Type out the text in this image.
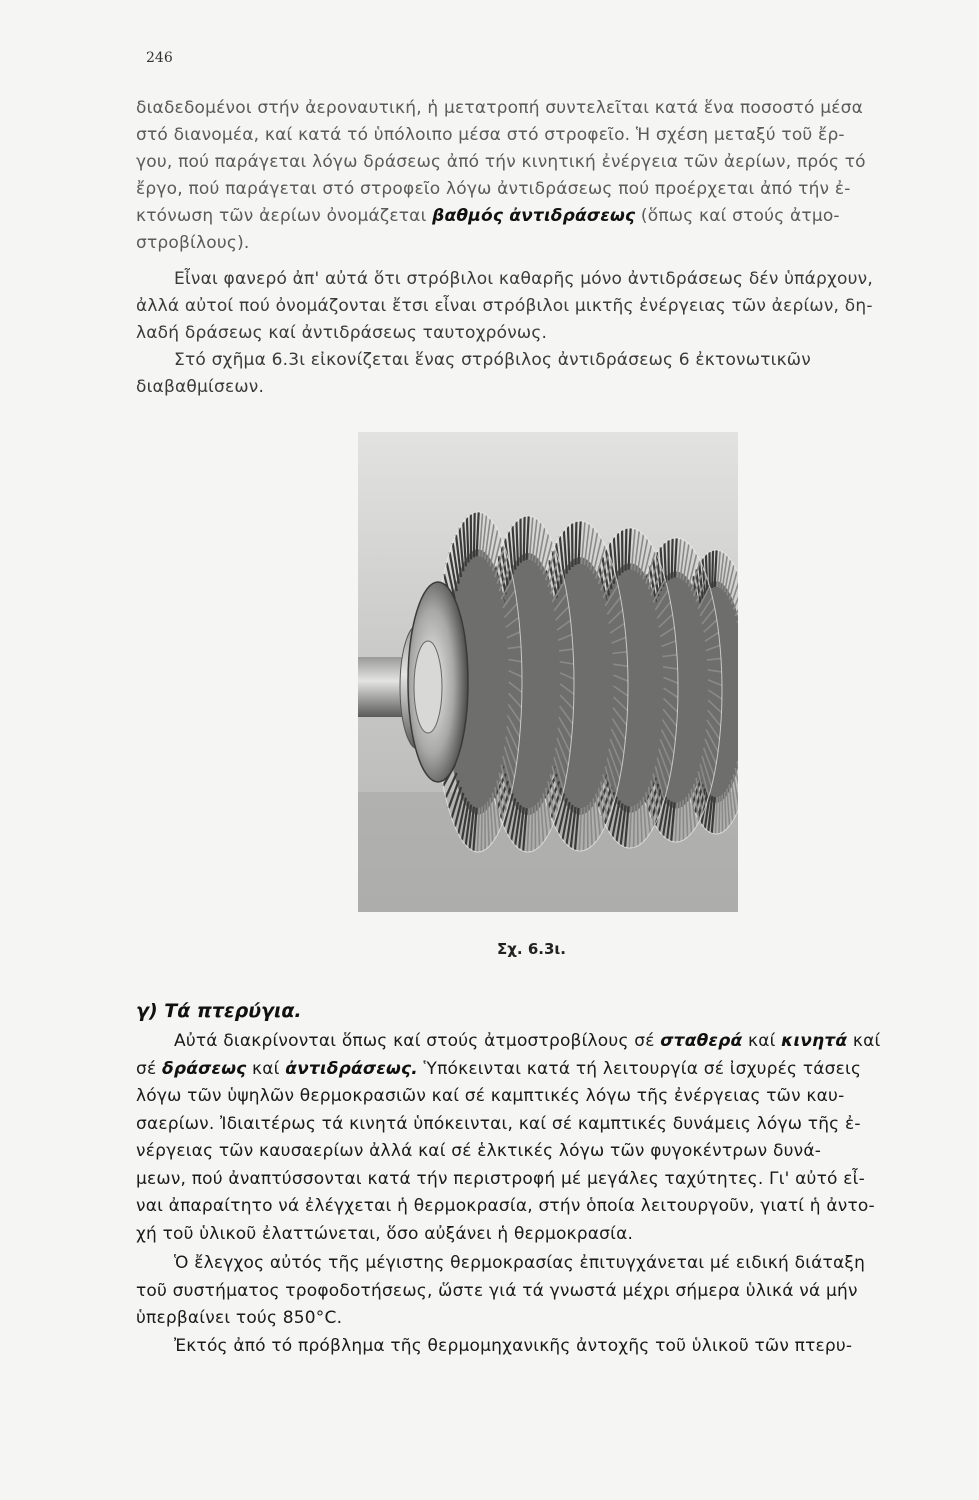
246
διαδεδομένοι στήν ἀεροναυτική, ἡ μετατροπή συντελεῖται κατά ἕνα ποσοστό μέσα
στό διανομέα, καί κατά τό ὑπόλοιπο μέσα στό στροφεῖο. Ἡ σχέση μεταξύ τοῦ ἔρ-
γου, πού παράγεται λόγω δράσεως ἀπό τήν κινητική ἐνέργεια τῶν ἀερίων, πρός τό
ἔργο, πού παράγεται στό στροφεῖο λόγω ἀντιδράσεως πού προέρχεται ἀπό τήν ἐ-
κτόνωση τῶν ἀερίων ὀνομάζεται βαθμός ἀντιδράσεως (ὅπως καί στούς ἀτμο-
στροβίλους).
Εἶναι φανερό ἀπ' αὐτά ὅτι στρόβιλοι καθαρῆς μόνο ἀντιδράσεως δέν ὑπάρχουν,
ἀλλά αὐτοί πού ὀνομάζονται ἔτσι εἶναι στρόβιλοι μικτῆς ἐνέργειας τῶν ἀερίων, δη-
λαδή δράσεως καί ἀντιδράσεως ταυτοχρόνως.
Στό σχῆμα 6.3ι εἰκονίζεται ἕνας στρόβιλος ἀντιδράσεως 6 ἐκτονωτικῶν
διαβαθμίσεων.
Σχ. 6.3ι.
γ) Τά πτερύγια.
Αὐτά διακρίνονται ὅπως καί στούς ἀτμοστροβίλους σέ σταθερά καί κινητά καί
σέ δράσεως καί ἀντιδράσεως. Ὑπόκεινται κατά τή λειτουργία σέ ἰσχυρές τάσεις
λόγω τῶν ὑψηλῶν θερμοκρασιῶν καί σέ καμπτικές λόγω τῆς ἐνέργειας τῶν καυ-
σαερίων. Ἰδιαιτέρως τά κινητά ὑπόκεινται, καί σέ καμπτικές δυνάμεις λόγω τῆς ἐ-
νέργειας τῶν καυσαερίων ἀλλά καί σέ ἑλκτικές λόγω τῶν φυγοκέντρων δυνά-
μεων, πού ἀναπτύσσονται κατά τήν περιστροφή μέ μεγάλες ταχύτητες. Γι' αὐτό εἶ-
ναι ἀπαραίτητο νά ἐλέγχεται ἡ θερμοκρασία, στήν ὁποία λειτουργοῦν, γιατί ἡ ἀντο-
χή τοῦ ὑλικοῦ ἐλαττώνεται, ὅσο αὐξάνει ἡ θερμοκρασία.
Ὁ ἔλεγχος αὐτός τῆς μέγιστης θερμοκρασίας ἐπιτυγχάνεται μέ ειδική διάταξη
τοῦ συστήματος τροφοδοτήσεως, ὥστε γιά τά γνωστά μέχρι σήμερα ὑλικά νά μήν
ὑπερβαίνει τούς 850°C.
Ἐκτός ἀπό τό πρόβλημα τῆς θερμομηχανικῆς ἀντοχῆς τοῦ ὑλικοῦ τῶν πτερυ-
